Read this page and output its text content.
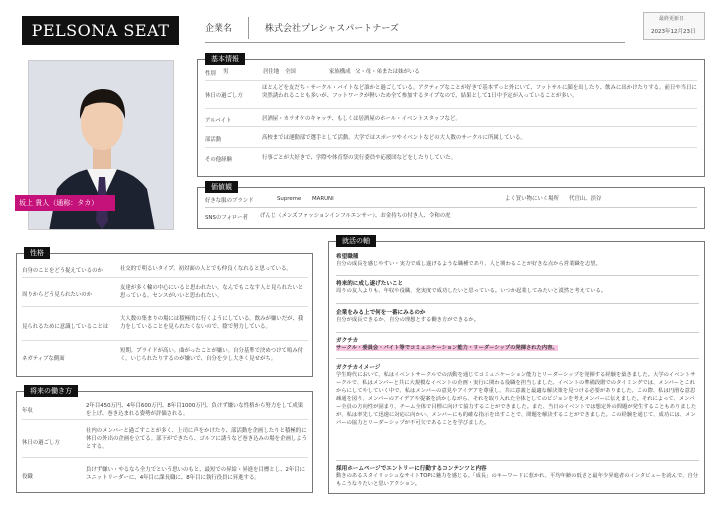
PELSONA SEAT	企業名	株式会社プレシャスパートナーズ
最終更新日
2023年12月23日
坂上 貴人（通称：タカ）
基本情報
性別 男	居住地 全国	家族構成 父・母・弟または妹がいる
休日の過ごし方
ほとんどを友だち・サークル・バイトなど誰かと過ごしている。アクティブなことが好きで基本ずっと外にいて、フットサルに顔を出したり、飲みに出かけたりする。前日や当日に突然誘われることも多いが、フットワークが軽いため全て参加するタイプなので、結果として1日中予定が入っていることが多い。
アルバイト	居酒屋・カラオケのキャッチ、もしくは居酒屋のホール・イベントスタッフなど。
部活動	高校までは運動部で選手として活動。大学ではスポーツやイベントなどの大人数のサークルに所属している。
その他経験	行事ごとが大好きで、学際や体育祭の実行委員や応援団などをしたりしていた。
価値観
好きな服のブランド	Supreme　　MARUNI	よく買い物にいく場所 代官山、渋谷
SNSのフォロー者 げんじ（メンズファッションインフルエンサー）、お金持ちの付き人、令和の虎
性格
自身のことをどう捉えているのか	社交的で明るいタイプ。初対面の人とでも仲良くなれると思っている。
周りからどう見られたいのか
友達が多く輪の中心にいると思われたい。なんでもこなす人と見られたいと思っている。センスがいいと思われたい。
見られるために意識していることは
大人数の集まりの場には積極的に行くようにしている。飲みが嫌いだが、我力をしていることを見られたくないので、陰で努力している。
ネガティブな側面
短期。プライドが高い。曲がったことが嫌い。自分基準で決めつけて嗚み付く。いじられたりするのが嫌いで、自分を少し大きく見せがち。
将来の働き方
年収
2年目450万円、4年目600万円、8年目1000万円。負けず嫌いな性格から努力をして成果を上げ、巻き込まれる姿勢が評価される。
休日の過ごし方
社内のメンバーと過ごすことが多く、上司に声をかけたり、部活動を企画したりと積極的に休日の外出の企画を立てる。部下ができたら、ゴルフに誘うなど巻き込みの場を企画しようとする。
役職
負けず嫌い・やるなら全力でという思いのもと、最短での昇給・昇進を目標とし、2年目にユニットリーダーに、4年目に課長職に、8年目に執行役員に昇進する。
就活の軸
希望職種
自分の成長を感じやすい・実力で成し遂げるような職種であり、人と関わることが好きな点から営業職を志望。
将来的に成し遂げたいこと
周りの友人よりも、年収や役職、充実度で成功したいと思っている。いつか起業してみたいと漠然と考えている。
企業をみる上で何を一番にみるのか
自分が成長できるか、自分の理想とする働き方ができるか。
ガクチカ
サークル・委員会・バイト等でコミュニケーション能力・リーダーシップの発揮された内容。
ガクチカイメージ
学生時代において、私はイベントサークルでの活動を通じてコミュニケーション能力とリーダーシップを発揮する経験を築きました。大学のイベントサークルで、私はメンバーと共に大規模なイベントの企画・実行に関わる役職を担当しました。イベントの準備段階でのタイミングでは、メンバーとこれからにしてやしていく中で、私はメンバーの意見やアイデアを尊重し、共に意義と最適な解決策を見つける必要がありました。この際、私は円滑な意思疎通を図り、メンバーのアイデアや提案を活かしながら、それを取り入れた全体としてのビジョンを考えメンバーに伝えました。それによって、メンバー全員の方向性が固まり、チーム全体で目標に向けて協力することができました。また、当日のイベントでは想定外の問題が発生することもありましたが、私は率先して迅速に対応に向かい、メンバーにも的確な指示を出すことで、問題を解決することができました。この経験を通じて、成功には、メンバーの協力とリーダーシップが不可欠であることを学びました。
採用ホームページでエントリーに行動するコンテンツと内容
動きのあるスタイリッシュなサイトTOPに魅力を感じる。「成長」のキーワードに惹かれ、平均年齢の低さと最年少昇進者のインタビューを読んで、自分もこうなりたいと思いアクション。
